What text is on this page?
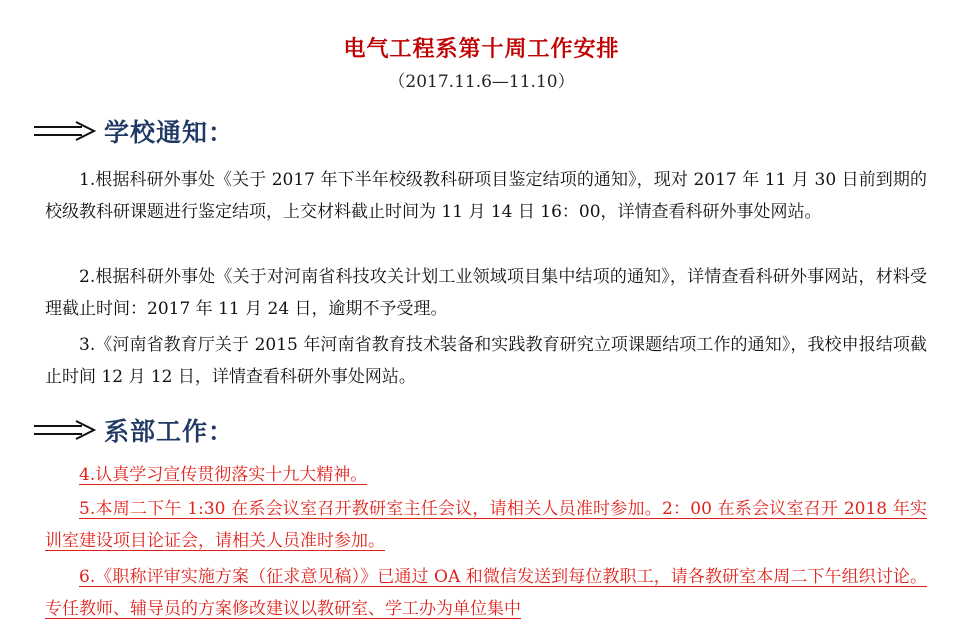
电气工程系第十周工作安排
（2017.11.6—11.10）
学校通知：

1.根据科研外事处《关于 2017 年下半年校级教科研项目鉴定结项的通知》，现对 2017 年 11 月 30 日前到期的校级教科研课题进行鉴定结项，上交材料截止时间为 11 月 14 日 16：00，详情查看科研外事处网站。

2.根据科研外事处《关于对河南省科技攻关计划工业领域项目集中结项的通知》，详情查看科研外事网站，材料受理截止时间：2017 年 11 月 24 日，逾期不予受理。

3.《河南省教育厅关于 2015 年河南省教育技术装备和实践教育研究立项课题结项工作的通知》，我校申报结项截止时间 12 月 12 日，详情查看科研外事处网站。

系部工作：

4.认真学习宣传贯彻落实十九大精神。

5.本周二下午 1:30 在系会议室召开教研室主任会议，请相关人员准时参加。2：00 在系会议室召开 2018 年实训室建设项目论证会，请相关人员准时参加。

6.《职称评审实施方案（征求意见稿）》已通过 OA 和微信发送到每位教职工，请各教研室本周二下午组织讨论。专任教师、辅导员的方案修改建议以教研室、学工办为单位集中
